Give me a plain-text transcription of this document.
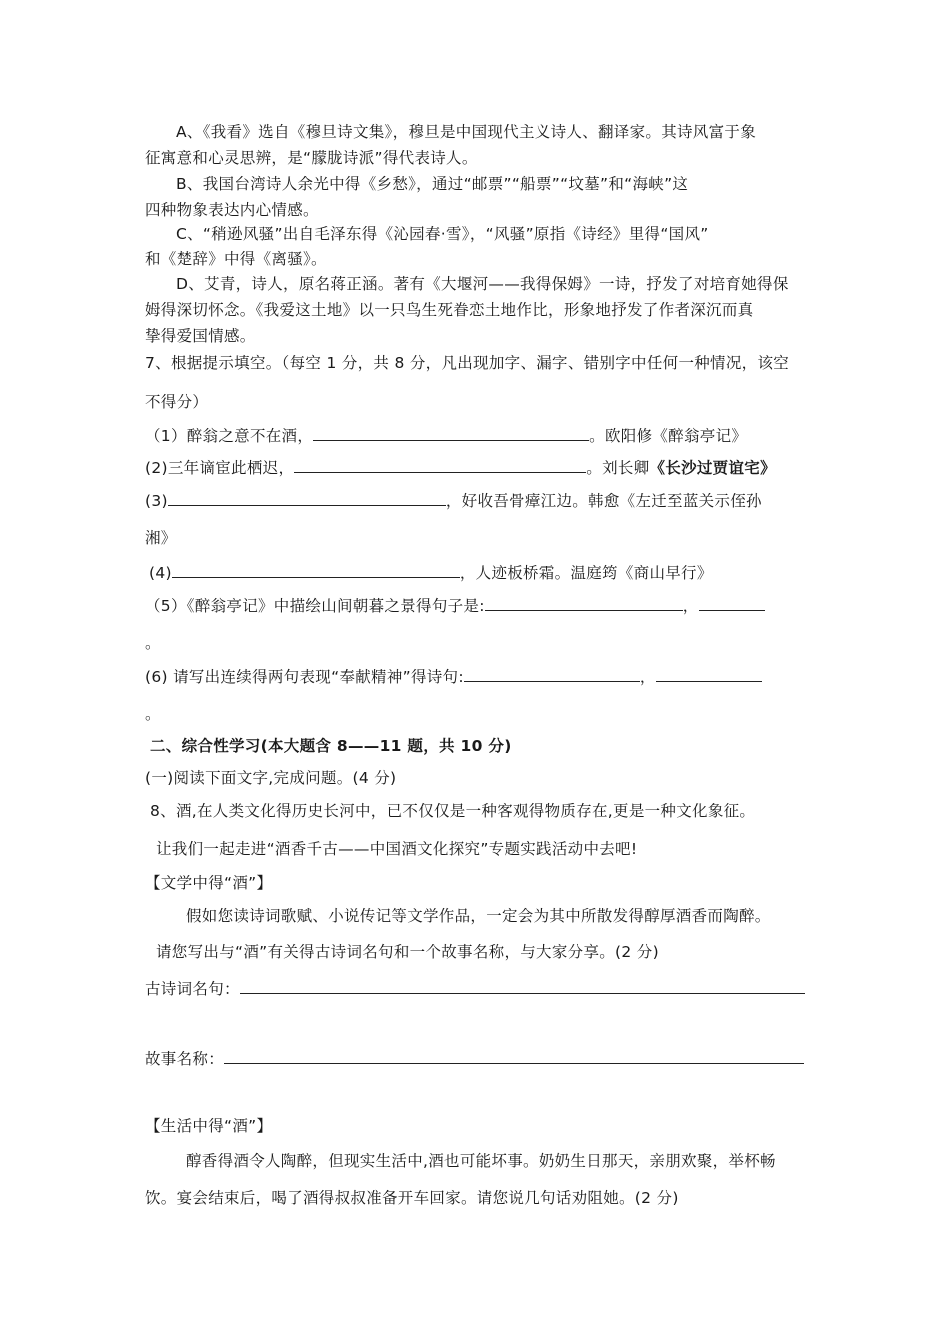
A、《我看》选自《穆旦诗文集》，穆旦是中国现代主义诗人、翻译家。其诗风富于象
征寓意和心灵思辨，是“朦胧诗派”得代表诗人。
B、我国台湾诗人余光中得《乡愁》，通过“邮票”“船票”“坟墓”和“海峡”这
四种物象表达内心情感。
C、“稍逊风骚”出自毛泽东得《沁园春·雪》，“风骚”原指《诗经》里得“国风”
和《楚辞》中得《离骚》。
D、艾青，诗人，原名蒋正涵。著有《大堰河——我得保姆》一诗，抒发了对培育她得保
姆得深切怀念。《我爱这土地》以一只鸟生死眷恋土地作比，形象地抒发了作者深沉而真
挚得爱国情感。
7、根据提示填空。（每空 1 分，共 8 分，凡出现加字、漏字、错别字中任何一种情况，该空
不得分）
（1）醉翁之意不在酒，	。欧阳修《醉翁亭记》
(2)三年谪宦此栖迟，	。刘长卿《长沙过贾谊宅》
(3)	，好收吾骨瘴江边。韩愈《左迁至蓝关示侄孙
湘》
(4)	，人迹板桥霜。温庭筠《商山早行》
（5）《醉翁亭记》中描绘山间朝暮之景得句子是:	，
。
(6) 请写出连续得两句表现“奉献精神”得诗句:	，
。
二、综合性学习(本大题含 8——11 题，共 10 分)
(一)阅读下面文字,完成问题。(4 分)
8、酒,在人类文化得历史长河中，已不仅仅是一种客观得物质存在,更是一种文化象征。
让我们一起走进“酒香千古——中国酒文化探究”专题实践活动中去吧!
【文学中得“酒”】
假如您读诗词歌赋、小说传记等文学作品，一定会为其中所散发得醇厚酒香而陶醉。
请您写出与“酒”有关得古诗词名句和一个故事名称，与大家分享。(2 分)
古诗词名句：
故事名称：
【生活中得“酒”】
醇香得酒令人陶醉，但现实生活中,酒也可能坏事。奶奶生日那天，亲朋欢聚，举杯畅
饮。宴会结束后，喝了酒得叔叔准备开车回家。请您说几句话劝阻她。(2 分)
